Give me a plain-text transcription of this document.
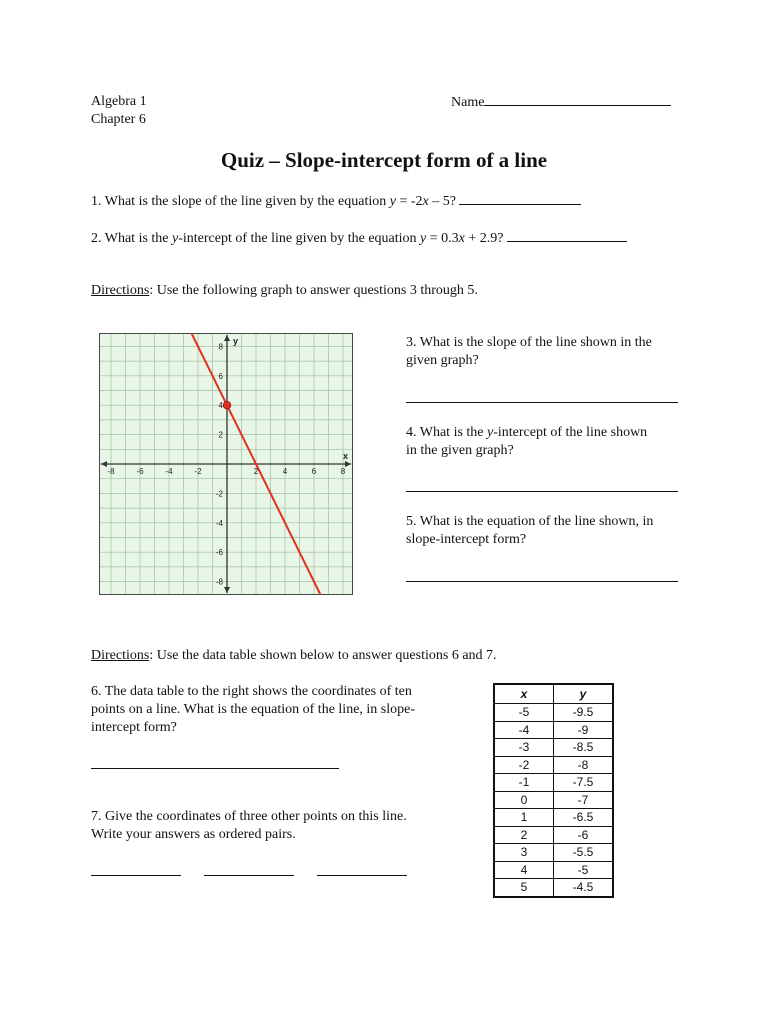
Algebra 1
Chapter 6
Name
Quiz – Slope-intercept form of a line
1. What is the slope of the line given by the equation y = -2x – 5?
2. What is the y-intercept of the line given by the equation y = 0.3x + 2.9?
Directions: Use the following graph to answer questions 3 through 5.
-8	-6	-4	-2	2	4	6	8
8
6
4
2
-2
-4
-6
-8
x
y	3. What is the slope of the line shown in the
given graph?
4. What is the y-intercept of the line shown
in the given graph?
5. What is the equation of the line shown, in
slope-intercept form?
Directions: Use the data table shown below to answer questions 6 and 7.
6. The data table to the right shows the coordinates of ten
points on a line. What is the equation of the line, in slope-
intercept form?
7. Give the coordinates of three other points on this line.
Write your answers as ordered pairs.
x	y
-5	-9.5
-4	-9
-3	-8.5
-2	-8
-1	-7.5
0	-7
1	-6.5
2	-6
3	-5.5
4	-5
5	-4.5
